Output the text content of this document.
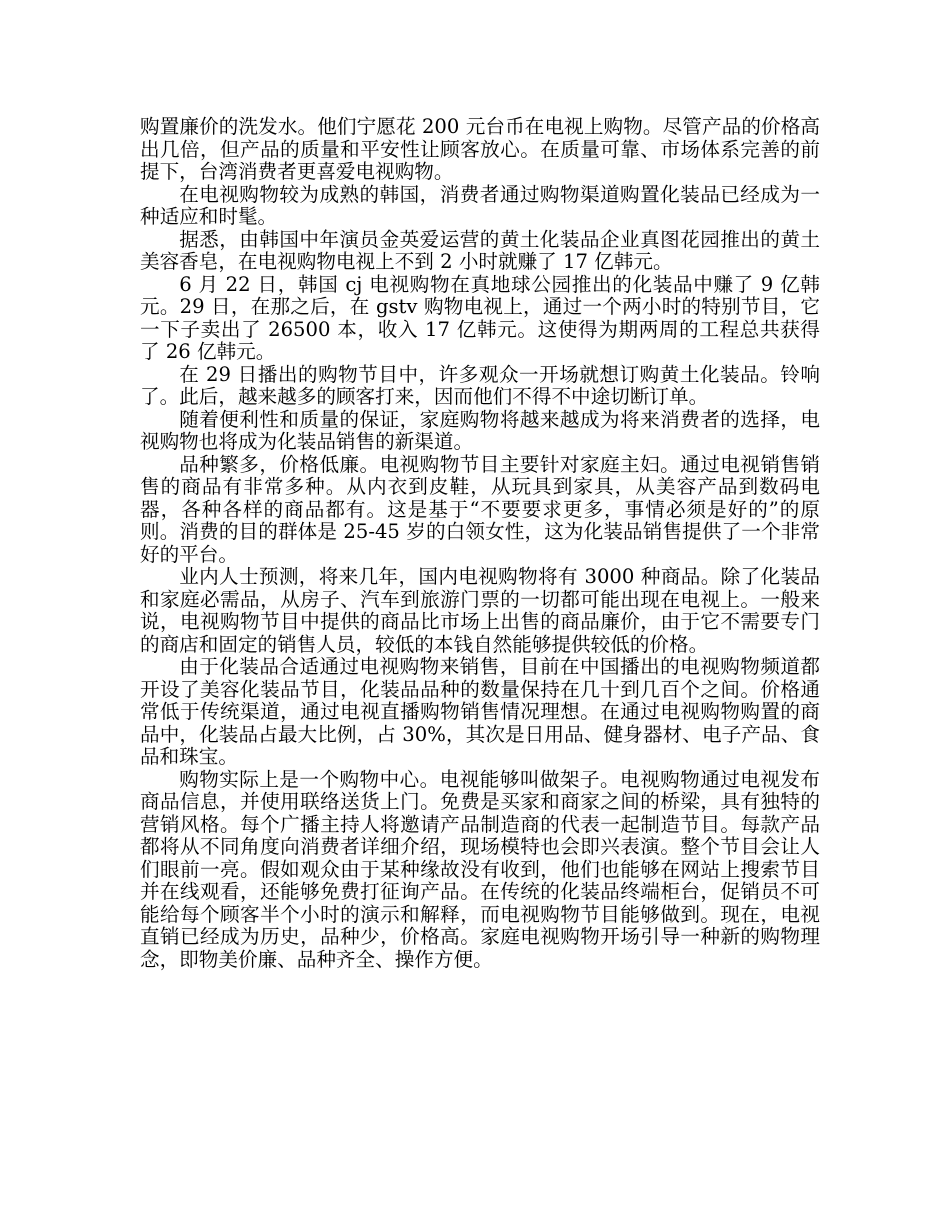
购置廉价的洗发水。他们宁愿花 200 元台币在电视上购物。尽管产品的价格高出几倍，但产品的质量和平安性让顾客放心。在质量可靠、市场体系完善的前提下，台湾消费者更喜爱电视购物。

在电视购物较为成熟的韩国，消费者通过购物渠道购置化装品已经成为一种适应和时髦。

据悉，由韩国中年演员金英爱运营的黄土化装品企业真图花园推出的黄土美容香皂，在电视购物电视上不到 2 小时就赚了 17 亿韩元。

6 月 22 日，韩国 cj 电视购物在真地球公园推出的化装品中赚了 9 亿韩元。29 日，在那之后，在 gstv 购物电视上，通过一个两小时的特别节目，它一下子卖出了 26500 本，收入 17 亿韩元。这使得为期两周的工程总共获得了 26 亿韩元。

在 29 日播出的购物节目中，许多观众一开场就想订购黄土化装品。铃响了。此后，越来越多的顾客打来，因而他们不得不中途切断订单。

随着便利性和质量的保证，家庭购物将越来越成为将来消费者的选择，电视购物也将成为化装品销售的新渠道。

品种繁多，价格低廉。电视购物节目主要针对家庭主妇。通过电视销售销售的商品有非常多种。从内衣到皮鞋，从玩具到家具，从美容产品到数码电器，各种各样的商品都有。这是基于“不要要求更多，事情必须是好的”的原则。消费的目的群体是 25-45 岁的白领女性，这为化装品销售提供了一个非常好的平台。

业内人士预测，将来几年，国内电视购物将有 3000 种商品。除了化装品和家庭必需品，从房子、汽车到旅游门票的一切都可能出现在电视上。一般来说，电视购物节目中提供的商品比市场上出售的商品廉价，由于它不需要专门的商店和固定的销售人员，较低的本钱自然能够提供较低的价格。

由于化装品合适通过电视购物来销售，目前在中国播出的电视购物频道都开设了美容化装品节目，化装品品种的数量保持在几十到几百个之间。价格通常低于传统渠道，通过电视直播购物销售情况理想。在通过电视购物购置的商品中，化装品占最大比例，占 30%，其次是日用品、健身器材、电子产品、食品和珠宝。

购物实际上是一个购物中心。电视能够叫做架子。电视购物通过电视发布商品信息，并使用联络送货上门。免费是买家和商家之间的桥梁，具有独特的营销风格。每个广播主持人将邀请产品制造商的代表一起制造节目。每款产品都将从不同角度向消费者详细介绍，现场模特也会即兴表演。整个节目会让人们眼前一亮。假如观众由于某种缘故没有收到，他们也能够在网站上搜索节目并在线观看，还能够免费打征询产品。在传统的化装品终端柜台，促销员不可能给每个顾客半个小时的演示和解释，而电视购物节目能够做到。现在，电视直销已经成为历史，品种少，价格高。家庭电视购物开场引导一种新的购物理念，即物美价廉、品种齐全、操作方便。
